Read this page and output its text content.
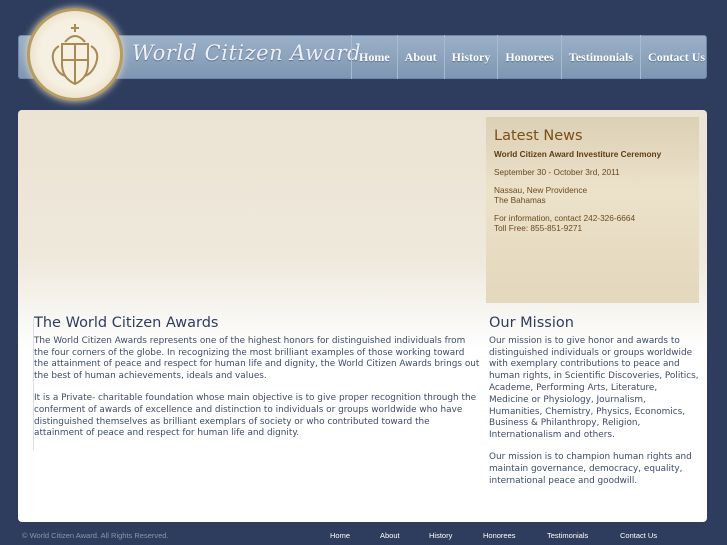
World Citizen Award
Home	About	History	Honorees	Testimonials	Contact Us
Latest News

World Citizen Award Investiture Ceremony

September 30 - October 3rd, 2011

Nassau, New Providence
The Bahamas

For information, contact 242-326-6664
Toll Free: 855-851-9271

The World Citizen Awards

The World Citizen Awards represents one of the highest honors for distinguished individuals from the four corners of the globe. In recognizing the most brilliant examples of those working toward the attainment of peace and respect for human life and dignity, the World Citizen Awards brings out the best of human achievements, ideals and values.

It is a Private- charitable foundation whose main objective is to give proper recognition through the conferment of awards of excellence and distinction to individuals or groups worldwide who have distinguished themselves as brilliant exemplars of society or who contributed toward the attainment of peace and respect for human life and dignity.

Our Mission

Our mission is to give honor and awards to distinguished individuals or groups worldwide with exemplary contributions to peace and human rights, in Scientific Discoveries, Politics, Academe, Performing Arts, Literature, Medicine or Physiology, Journalism, Humanities, Chemistry, Physics, Economics, Business & Philanthropy, Religion, Internationalism and others.

Our mission is to champion human rights and maintain governance, democracy, equality, international peace and goodwill.

© World Citizen Award. All Rights Reserved.	Home	About	History	Honorees	Testimonials	Contact Us
